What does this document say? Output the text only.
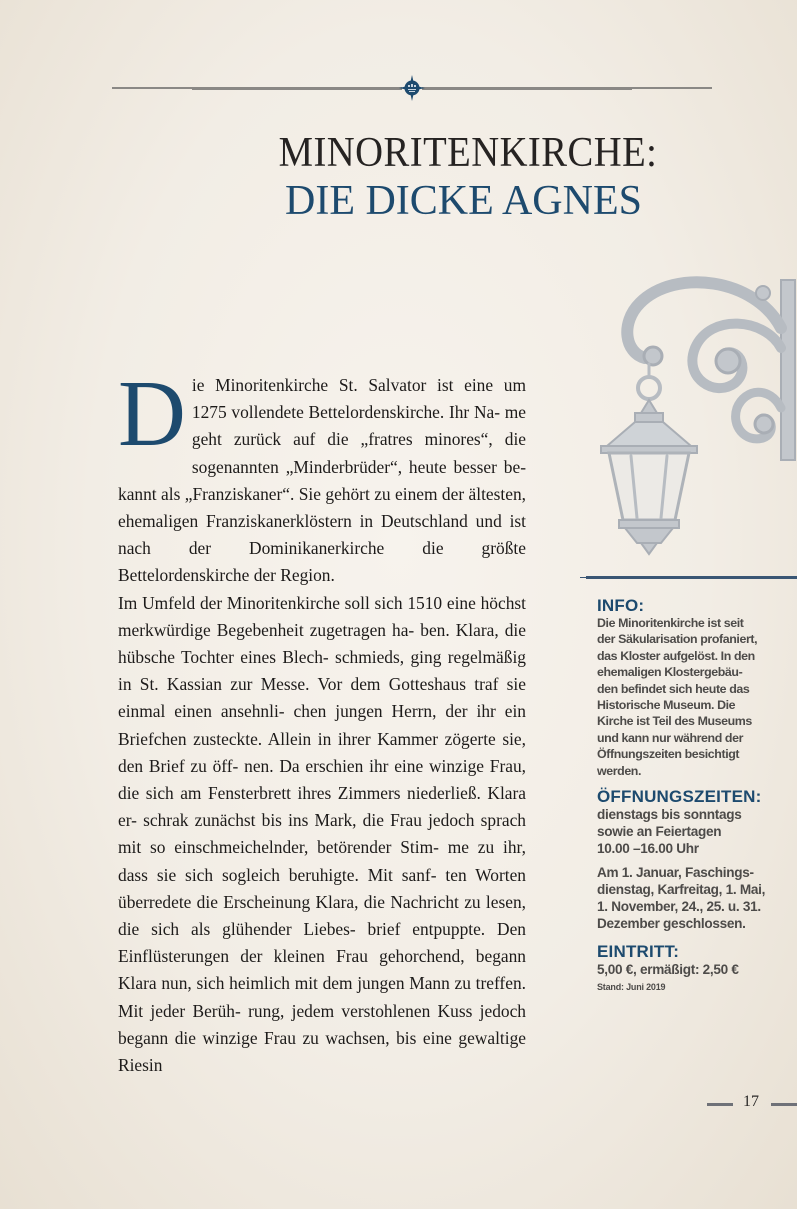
MINORITENKIRCHE:
DIE DICKE AGNES

Die Minoritenkirche St. Salvator ist eine um 1275 vollendete Bettelordenskirche. Ihr Na- me geht zurück auf die „fratres minores“, die sogenannten „Minderbrüder“, heute besser be- kannt als „Franziskaner“. Sie gehört zu einem der ältesten, ehemaligen Franziskanerklöstern in Deutschland und ist nach der Dominikanerkirche die größte Bettelordenskirche der Region.

Im Umfeld der Minoritenkirche soll sich 1510 eine höchst merkwürdige Begebenheit zugetragen ha- ben. Klara, die hübsche Tochter eines Blech- schmieds, ging regelmäßig in St. Kassian zur Messe. Vor dem Gotteshaus traf sie einmal einen ansehnli- chen jungen Herrn, der ihr ein Briefchen zusteckte. Allein in ihrer Kammer zögerte sie, den Brief zu öff- nen. Da erschien ihr eine winzige Frau, die sich am Fensterbrett ihres Zimmers niederließ. Klara er- schrak zunächst bis ins Mark, die Frau jedoch sprach mit so einschmeichelnder, betörender Stim- me zu ihr, dass sie sich sogleich beruhigte. Mit sanf- ten Worten überredete die Erscheinung Klara, die Nachricht zu lesen, die sich als glühender Liebes- brief entpuppte. Den Einflüsterungen der kleinen Frau gehorchend, begann Klara nun, sich heimlich mit dem jungen Mann zu treffen. Mit jeder Berüh- rung, jedem verstohlenen Kuss jedoch begann die winzige Frau zu wachsen, bis eine gewaltige Riesin

INFO:
Die Minoritenkirche ist seit
der Säkularisation profaniert,
das Kloster aufgelöst. In den
ehemaligen Klostergebäu-
den befindet sich heute das
Historische Museum. Die
Kirche ist Teil des Museums
und kann nur während der
Öffnungszeiten besichtigt
werden.
ÖFFNUNGSZEITEN:
dienstags bis sonntags
sowie an Feiertagen
10.00 –16.00 Uhr
Am 1. Januar, Faschings-
dienstag, Karfreitag, 1. Mai,
1. November, 24., 25. u. 31.
Dezember geschlossen.
EINTRITT:
5,00 €, ermäßigt: 2,50 €
Stand: Juni 2019
17
